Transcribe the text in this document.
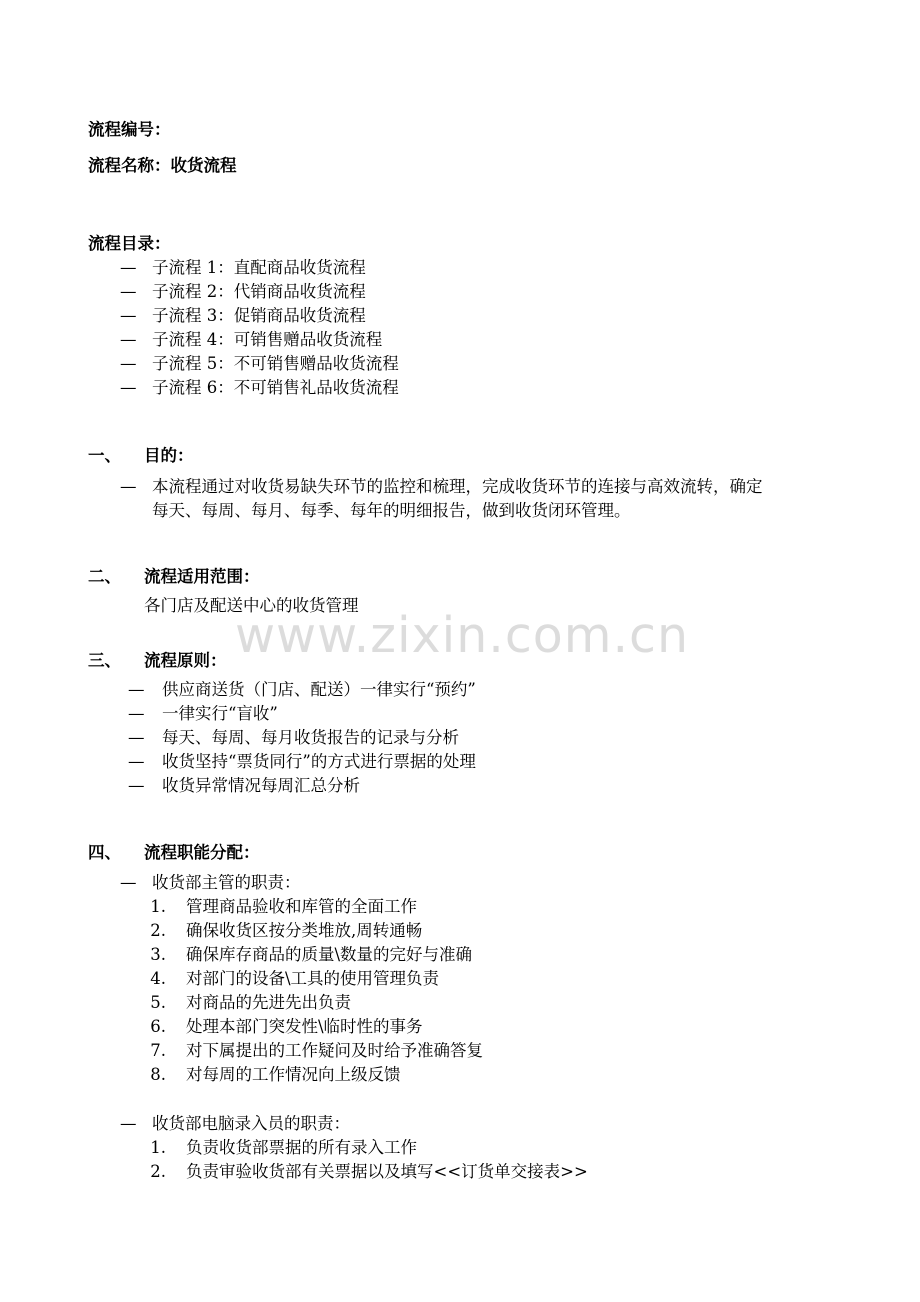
www.zixin.com.cn
流程编号：
流程名称：收货流程
流程目录：
— 子流程 1：直配商品收货流程
— 子流程 2：代销商品收货流程
— 子流程 3：促销商品收货流程
— 子流程 4：可销售赠品收货流程
— 子流程 5：不可销售赠品收货流程
— 子流程 6：不可销售礼品收货流程
一、 目的：
— 本流程通过对收货易缺失环节的监控和梳理，完成收货环节的连接与高效流转，确定
每天、每周、每月、每季、每年的明细报告，做到收货闭环管理。
二、 流程适用范围：
各门店及配送中心的收货管理
三、 流程原则：
— 供应商送货（门店、配送）一律实行“预约”
— 一律实行“盲收”
— 每天、每周、每月收货报告的记录与分析
— 收货坚持“票货同行”的方式进行票据的处理
— 收货异常情况每周汇总分析
四、 流程职能分配：
— 收货部主管的职责：
1. 管理商品验收和库管的全面工作
2. 确保收货区按分类堆放,周转通畅
3. 确保库存商品的质量\数量的完好与准确
4. 对部门的设备\工具的使用管理负责
5. 对商品的先进先出负责
6. 处理本部门突发性\临时性的事务
7. 对下属提出的工作疑问及时给予准确答复
8. 对每周的工作情况向上级反馈
— 收货部电脑录入员的职责：
1. 负责收货部票据的所有录入工作
2. 负责审验收货部有关票据以及填写<<订货单交接表>>
